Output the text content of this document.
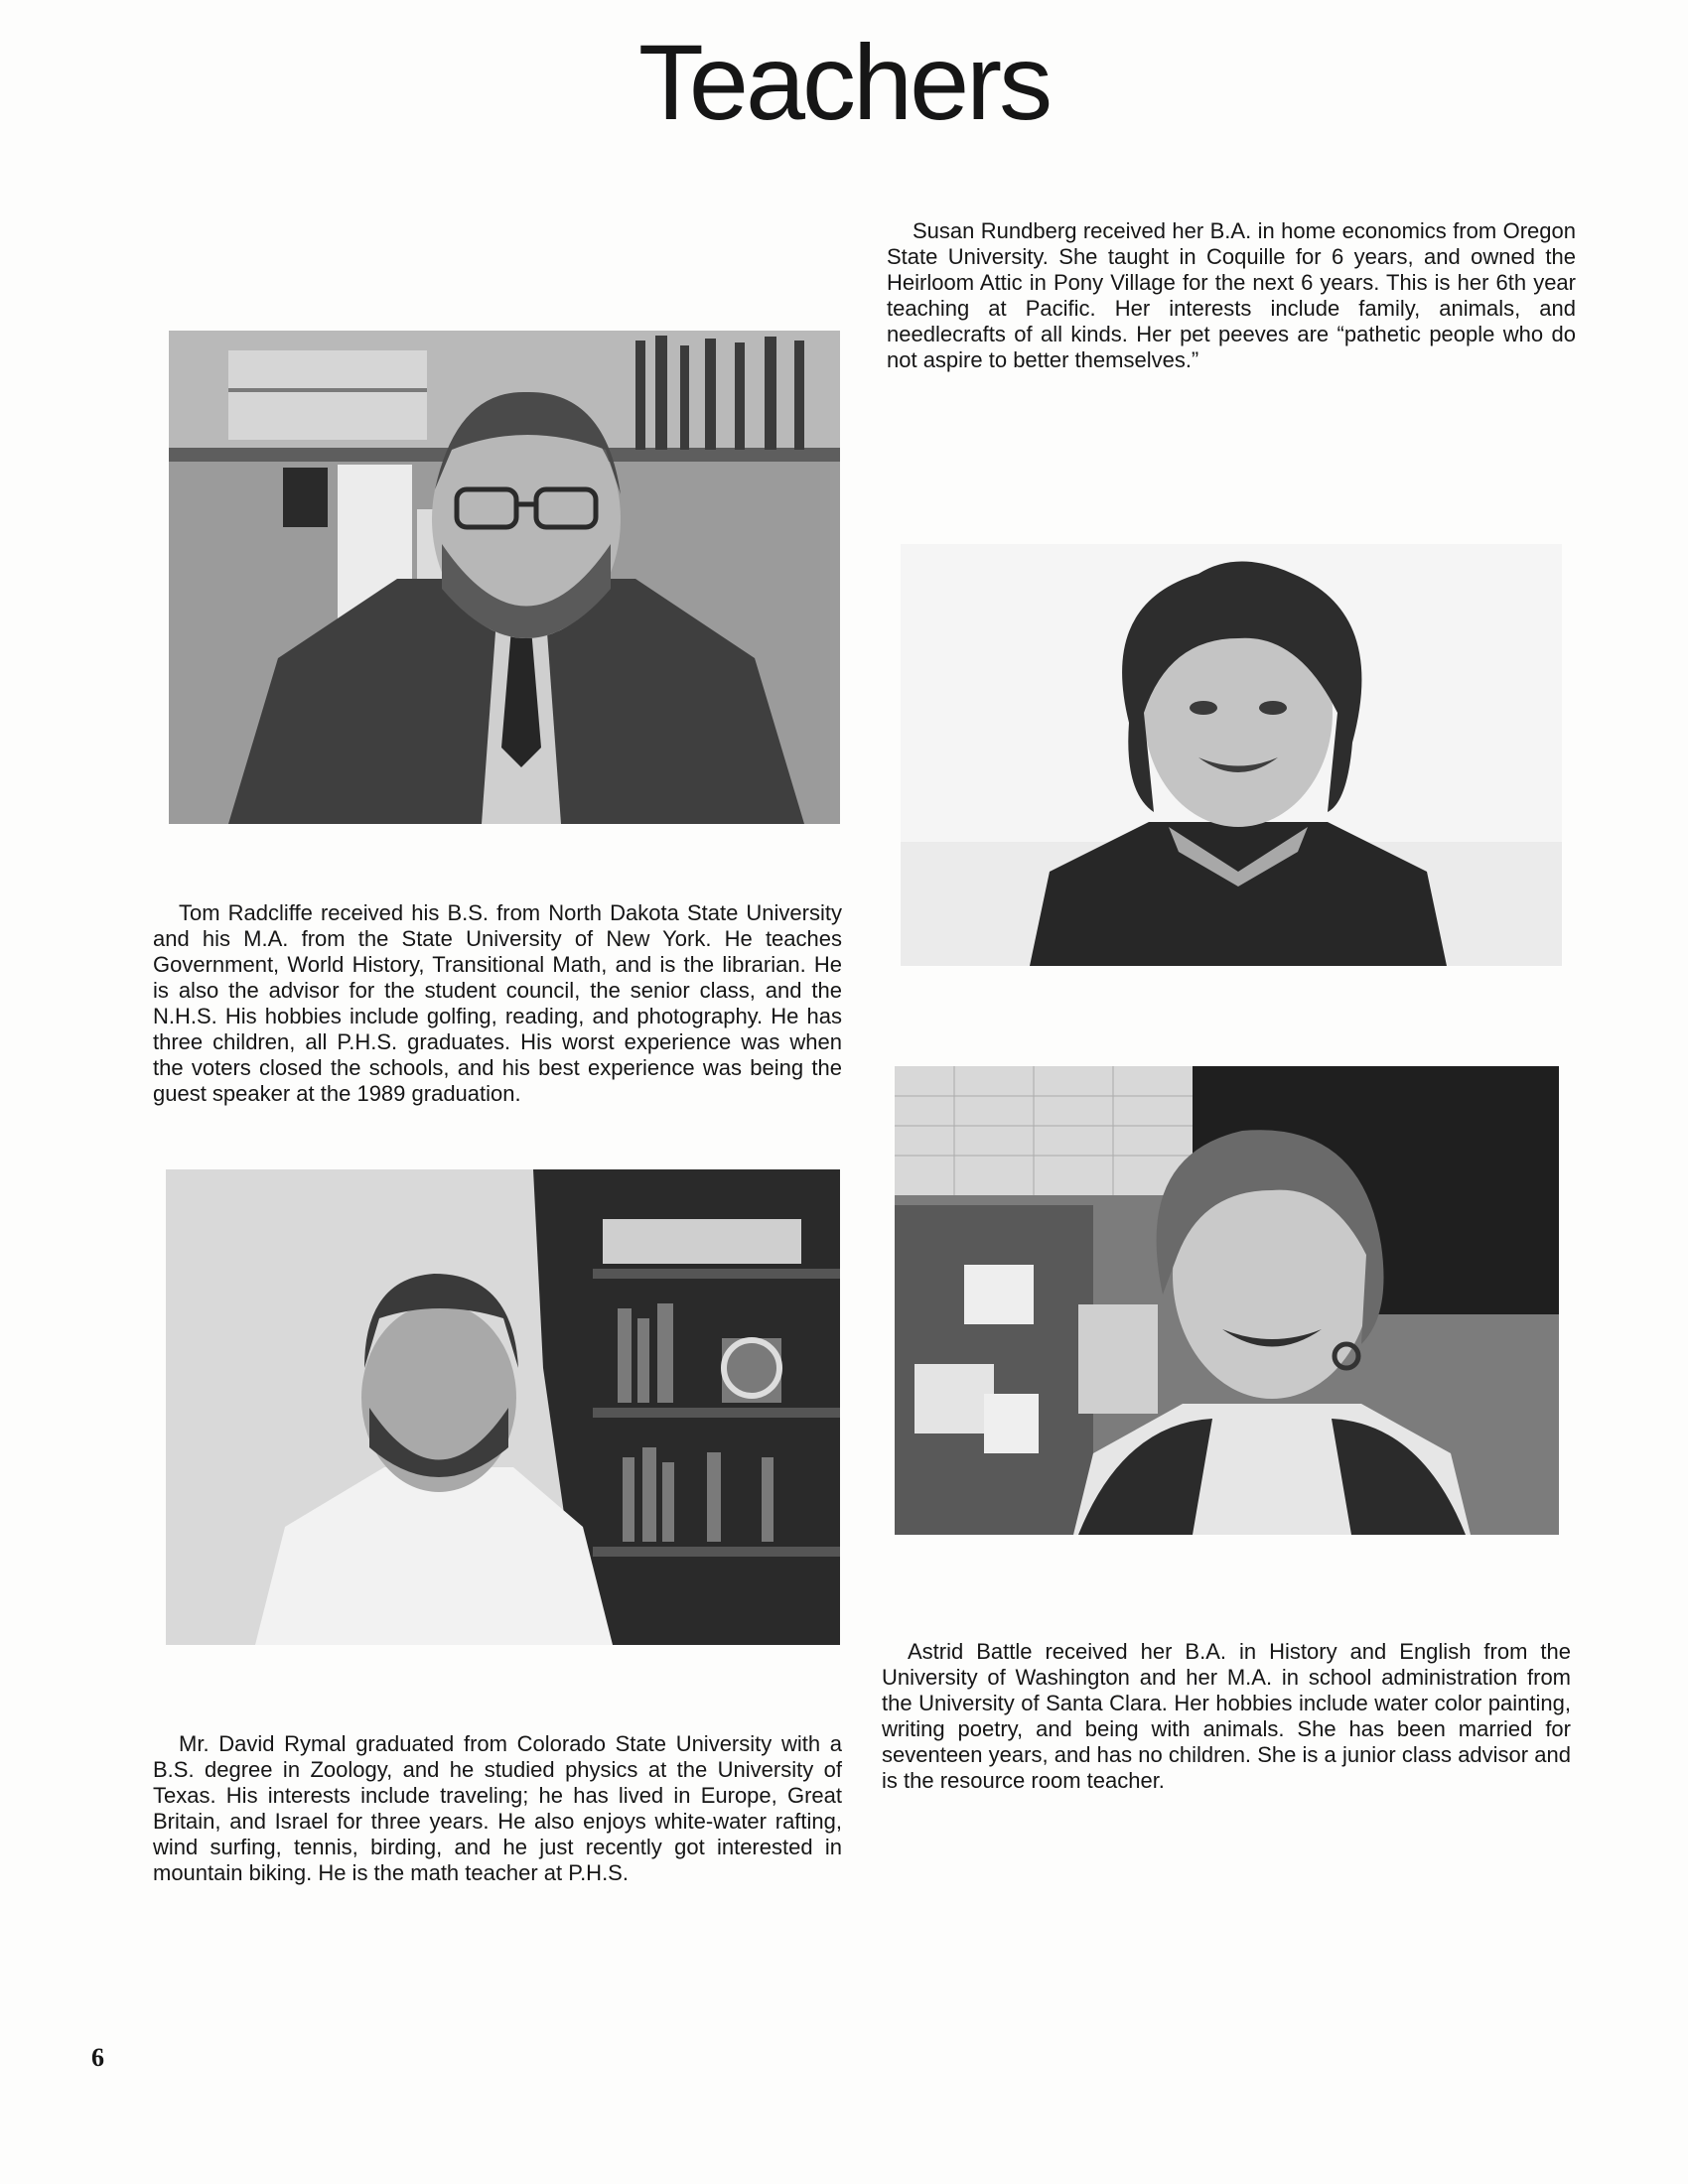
Teachers

Susan Rundberg received her B.A. in home economics from Oregon State University. She taught in Coquille for 6 years, and owned the Heirloom Attic in Pony Village for the next 6 years. This is her 6th year teaching at Pacific. Her interests include family, animals, and needlecrafts of all kinds. Her pet peeves are “pathetic people who do not aspire to better themselves.”

Tom Radcliffe received his B.S. from North Dakota State University and his M.A. from the State University of New York. He teaches Government, World History, Transitional Math, and is the librarian. He is also the advisor for the student council, the senior class, and the N.H.S. His hobbies include golfing, reading, and photography. He has three children, all P.H.S. graduates. His worst experience was when the voters closed the schools, and his best experience was being the guest speaker at the 1989 graduation.

Astrid Battle received her B.A. in History and English from the University of Washington and her M.A. in school administration from the University of Santa Clara. Her hobbies include water color painting, writing poetry, and being with animals. She has been married for seventeen years, and has no children. She is a junior class advisor and is the resource room teacher.

Mr. David Rymal graduated from Colorado State University with a B.S. degree in Zoology, and he studied physics at the University of Texas. His interests include traveling; he has lived in Europe, Great Britain, and Israel for three years. He also enjoys white-water rafting, wind surfing, tennis, birding, and he just recently got interested in mountain biking. He is the math teacher at P.H.S.

6
